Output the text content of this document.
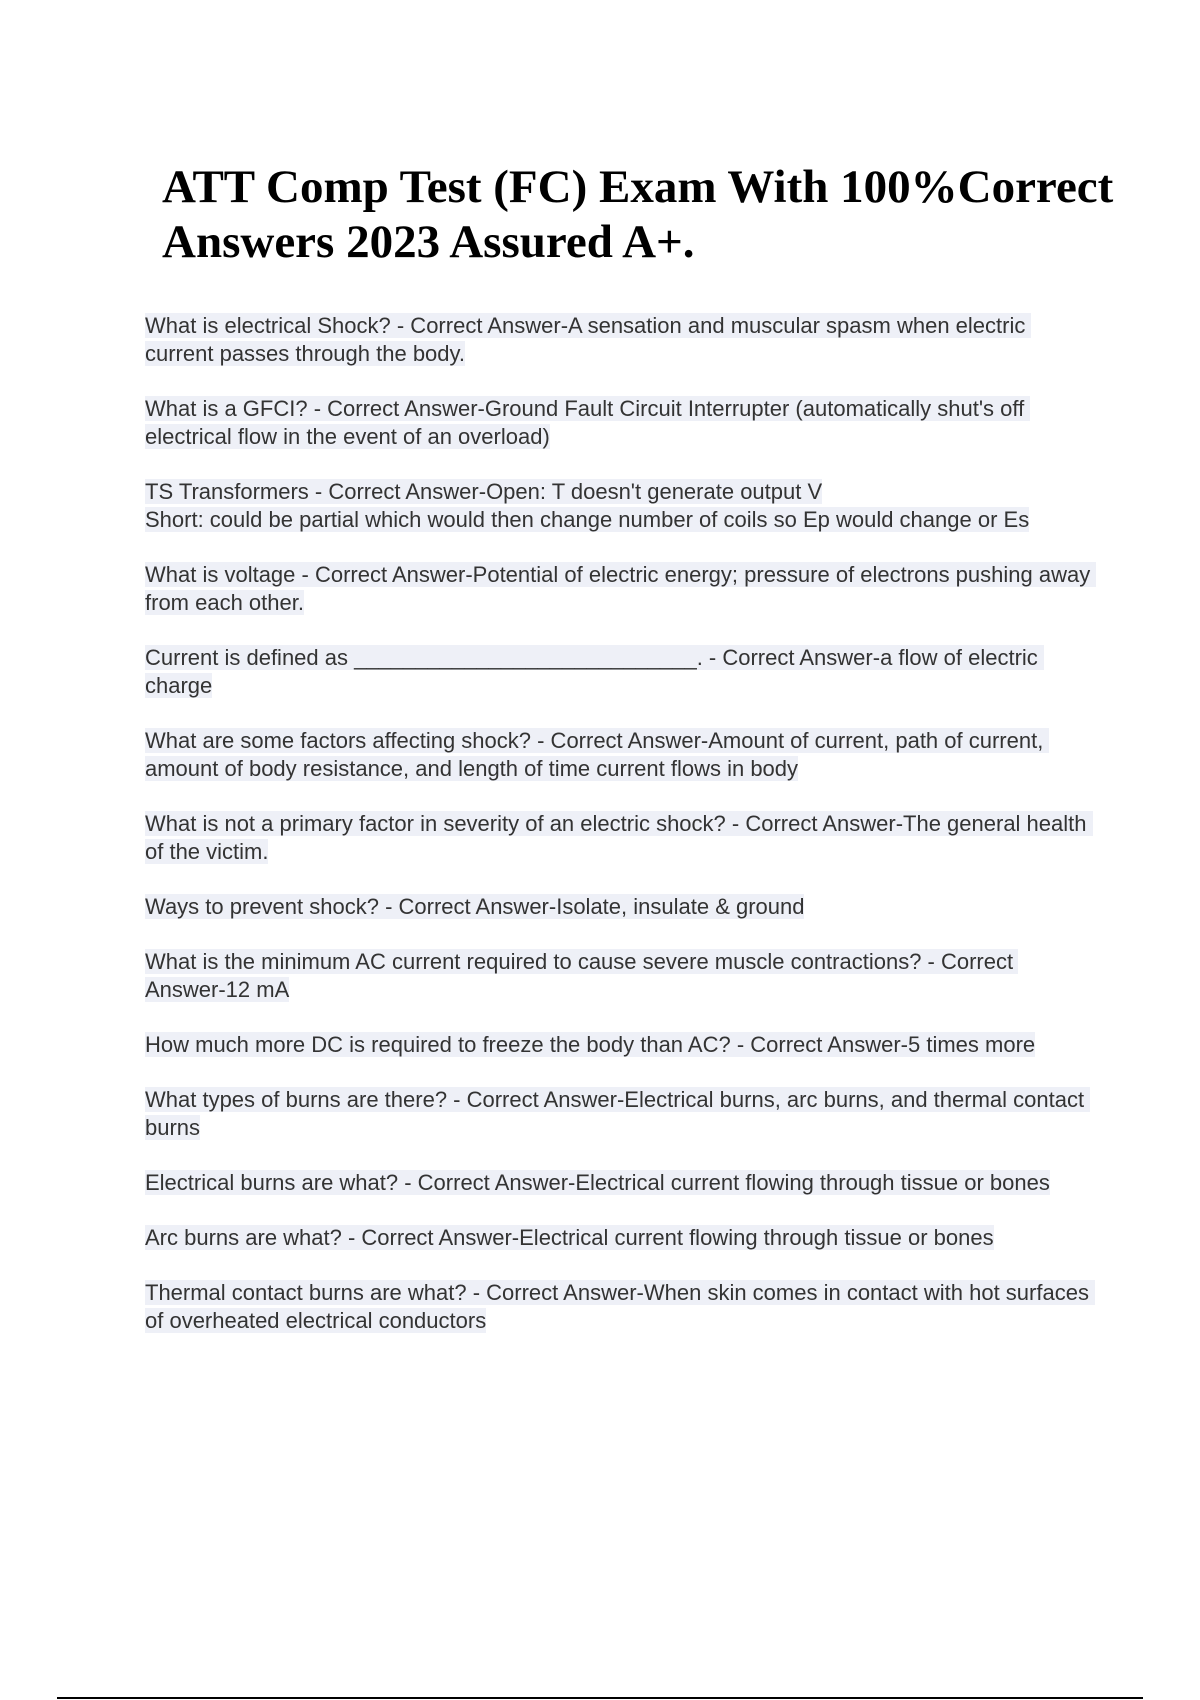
ATT Comp Test (FC) Exam With 100%Correct Answers 2023 Assured A+.
What is electrical Shock? - Correct Answer-A sensation and muscular spasm when electric current passes through the body.
What is a GFCI? - Correct Answer-Ground Fault Circuit Interrupter (automatically shut's off electrical flow in the event of an overload)
TS Transformers - Correct Answer-Open: T doesn't generate output V
Short: could be partial which would then change number of coils so Ep would change or Es
What is voltage - Correct Answer-Potential of electric energy; pressure of electrons pushing away from each other.
Current is defined as ____________________________. - Correct Answer-a flow of electric charge
What are some factors affecting shock? - Correct Answer-Amount of current, path of current, amount of body resistance, and length of time current flows in body
What is not a primary factor in severity of an electric shock? - Correct Answer-The general health of the victim.
Ways to prevent shock? - Correct Answer-Isolate, insulate & ground
What is the minimum AC current required to cause severe muscle contractions? - Correct Answer-12 mA
How much more DC is required to freeze the body than AC? - Correct Answer-5 times more
What types of burns are there? - Correct Answer-Electrical burns, arc burns, and thermal contact burns
Electrical burns are what? - Correct Answer-Electrical current flowing through tissue or bones
Arc burns are what? - Correct Answer-Electrical current flowing through tissue or bones
Thermal contact burns are what? - Correct Answer-When skin comes in contact with hot surfaces of overheated electrical conductors
